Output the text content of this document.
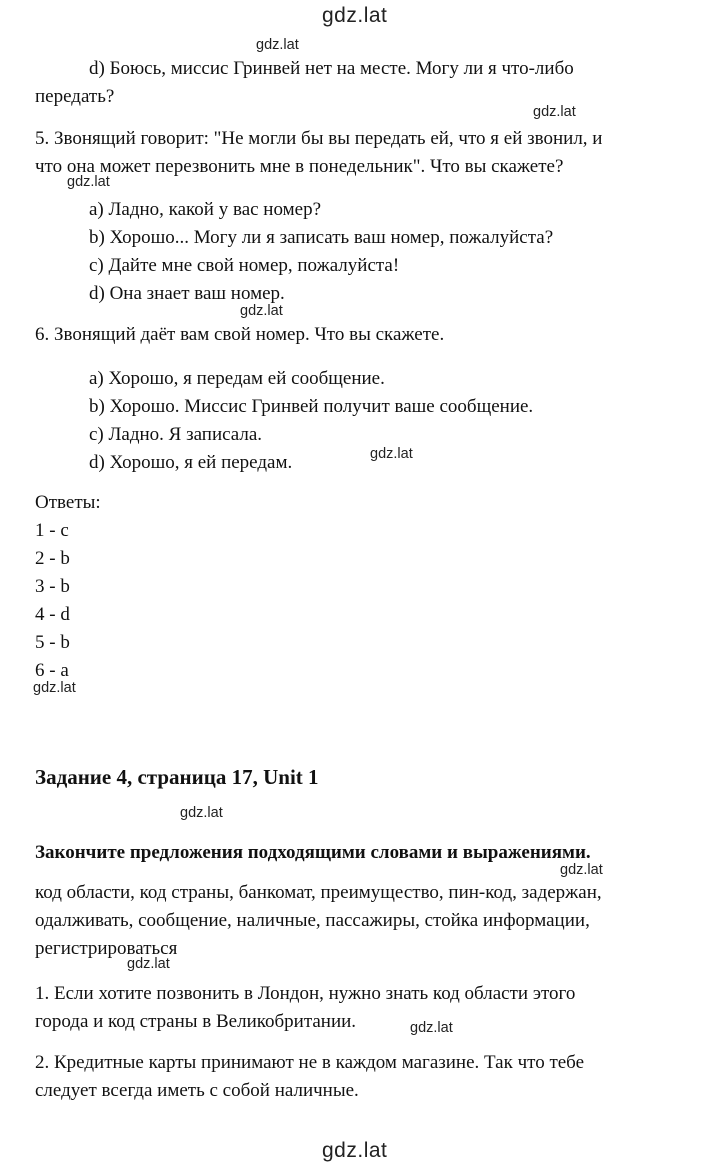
gdz.lat
gdz.lat
gdz.lat
gdz.lat
gdz.lat
gdz.lat
gdz.lat
gdz.lat
gdz.lat
gdz.lat
gdz.lat
gdz.lat
d) Боюсь, миссис Гринвей нет на месте. Могу ли я что-либо
передать?
5. Звонящий говорит: "Не могли бы вы передать ей, что я ей звонил, и
что она может перезвонить мне в понедельник". Что вы скажете?
a) Ладно, какой у вас номер?
b) Хорошо... Могу ли я записать ваш номер, пожалуйста?
c) Дайте мне свой номер, пожалуйста!
d) Она знает ваш номер.
6. Звонящий даёт вам свой номер. Что вы скажете.
a) Хорошо, я передам ей сообщение.
b) Хорошо. Миссис Гринвей получит ваше сообщение.
c) Ладно. Я записала.
d) Хорошо, я ей передам.
Ответы:
1 - c
2 - b
3 - b
4 - d
5 - b
6 - a
Задание 4, страница 17, Unit 1
Закончите предложения подходящими словами и выражениями.
код области, код страны, банкомат, преимущество, пин-код, задержан,
одалживать, сообщение, наличные, пассажиры, стойка информации,
регистрироваться
1. Если хотите позвонить в Лондон, нужно знать код области этого
города и код страны в Великобритании.
2. Кредитные карты принимают не в каждом магазине. Так что тебе
следует всегда иметь с собой наличные.
